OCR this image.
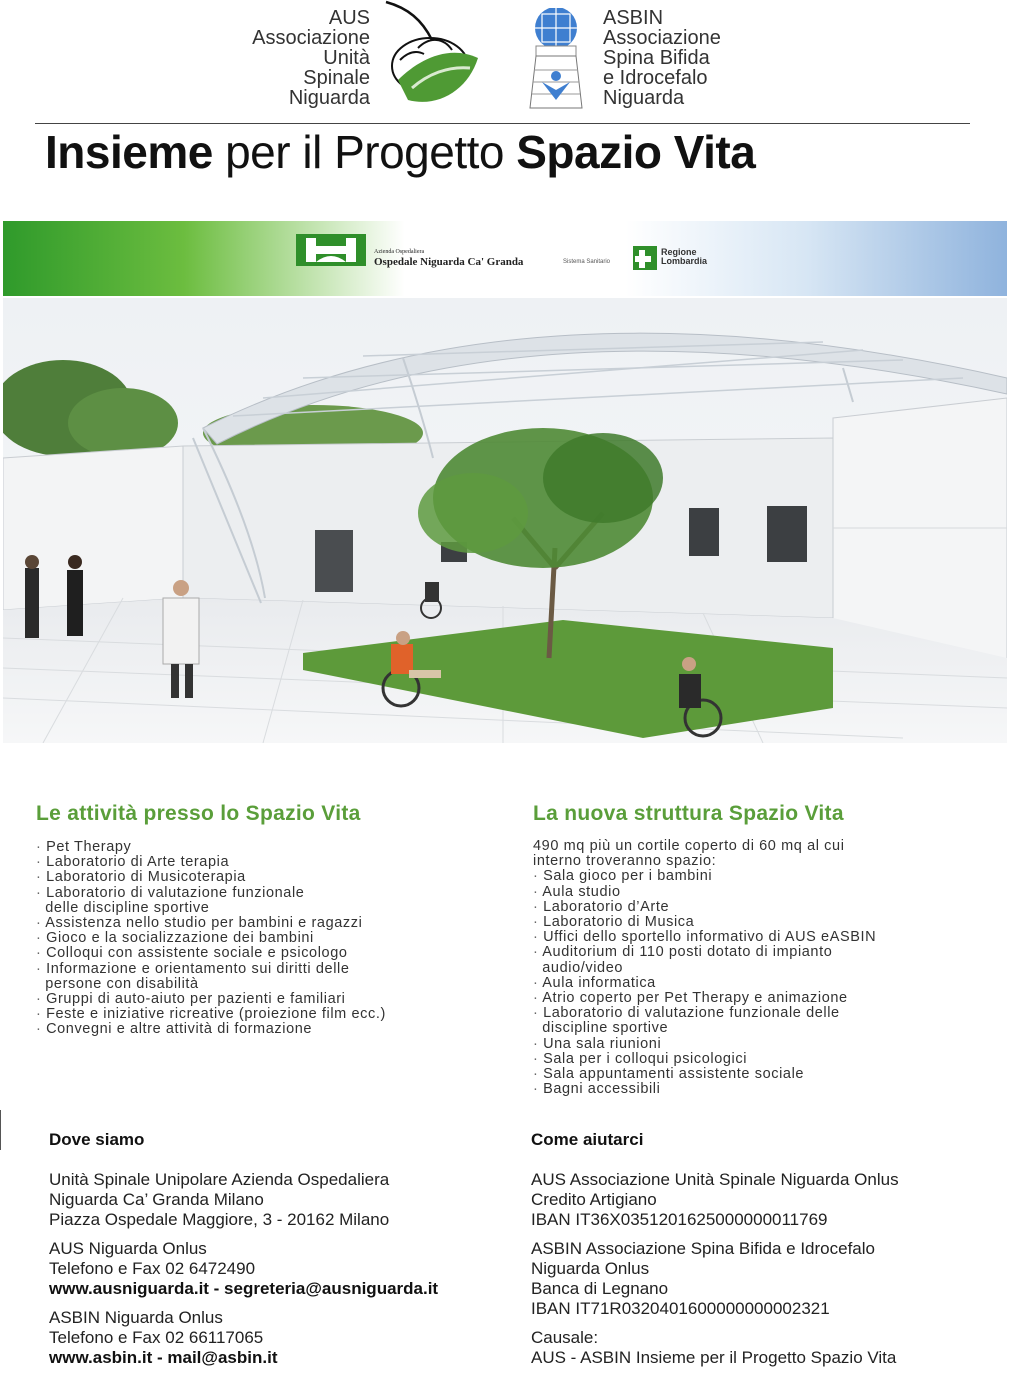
AUS
Associazione
Unità
Spinale
Niguarda
ASBIN
Associazione
Spina Bifida
e Idrocefalo
Niguarda
Insieme per il Progetto Spazio Vita
Azienda Ospedaliera
Ospedale Niguarda Ca' Granda	Sistema Sanitario
Regione
Lombardia
Le attività presso lo Spazio Vita
· Pet Therapy
· Laboratorio di Arte terapia
· Laboratorio di Musicoterapia
· Laboratorio di valutazione funzionale
delle discipline sportive
· Assistenza nello studio per bambini e ragazzi
· Gioco e la socializzazione dei bambini
· Colloqui con assistente sociale e psicologo
· Informazione e orientamento sui diritti delle
persone con disabilità
· Gruppi di auto-aiuto per pazienti e familiari
· Feste e iniziative ricreative (proiezione film ecc.)
· Convegni e altre attività di formazione
La nuova struttura Spazio Vita
490 mq più un cortile coperto di 60 mq al cui
interno troveranno spazio:
· Sala gioco per i bambini
· Aula studio
· Laboratorio d’Arte
· Laboratorio di Musica
· Uffici dello sportello informativo di AUS eASBIN
· Auditorium di 110 posti dotato di impianto
audio/video
· Aula informatica
· Atrio coperto per Pet Therapy e animazione
· Laboratorio di valutazione funzionale delle
discipline sportive
· Una sala riunioni
· Sala per i colloqui psicologici
· Sala appuntamenti assistente sociale
· Bagni accessibili
Dove siamo
Unità Spinale Unipolare Azienda Ospedaliera
Niguarda Ca’ Granda Milano
Piazza Ospedale Maggiore, 3 - 20162 Milano
AUS Niguarda Onlus
Telefono e Fax 02 6472490
www.ausniguarda.it - segreteria@ausniguarda.it
ASBIN Niguarda Onlus
Telefono e Fax 02 66117065
www.asbin.it - mail@asbin.it
Come aiutarci
AUS Associazione Unità Spinale Niguarda Onlus
Credito Artigiano
IBAN IT36X0351201625000000011769
ASBIN Associazione Spina Bifida e Idrocefalo
Niguarda Onlus
Banca di Legnano
IBAN IT71R0320401600000000002321
Causale:
AUS - ASBIN Insieme per il Progetto Spazio Vita
